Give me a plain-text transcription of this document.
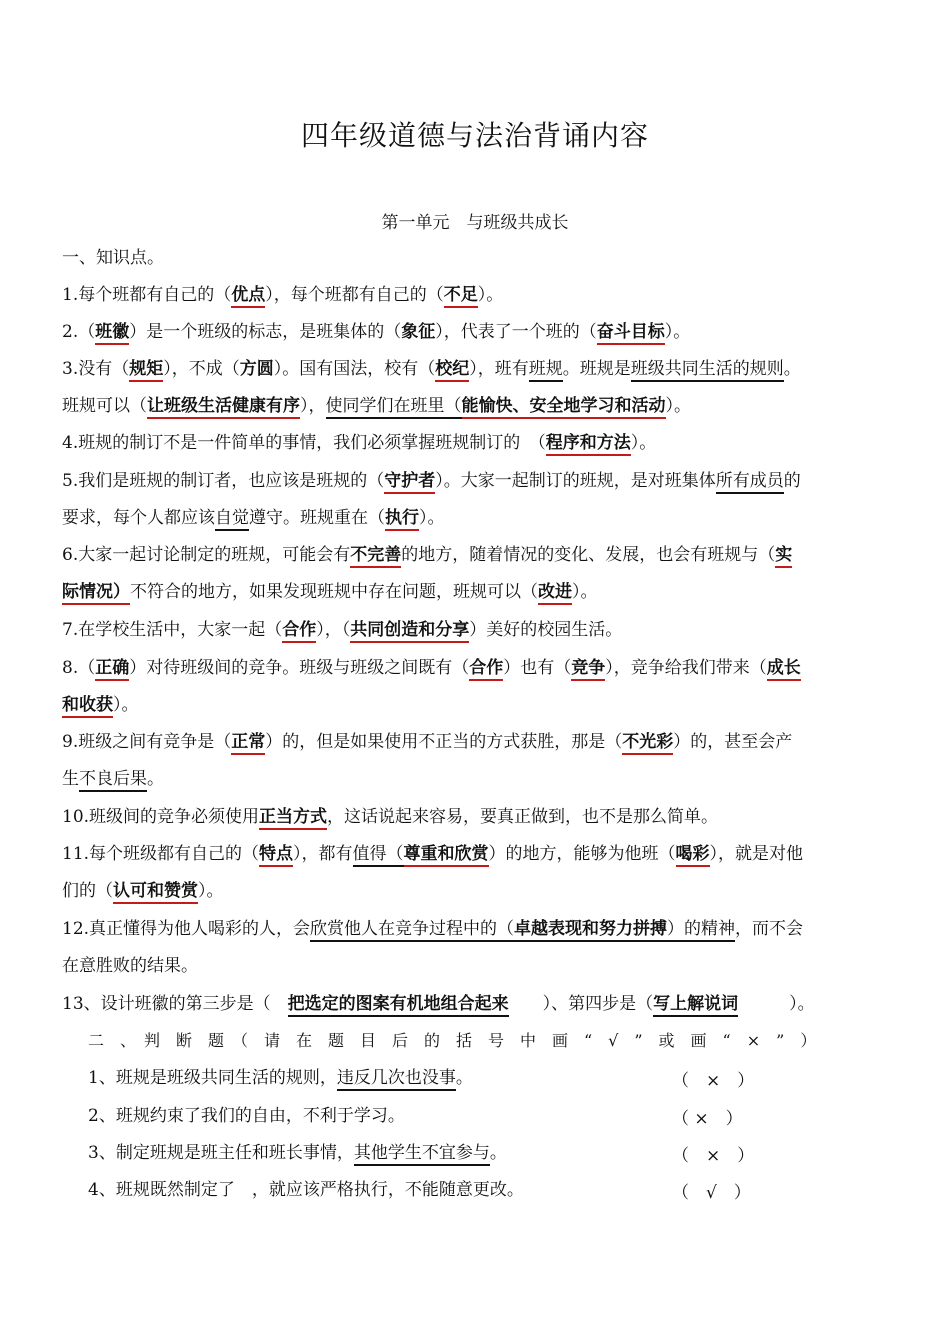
四年级道德与法治背诵内容
第一单元　与班级共成长
一、知识点。
1.每个班都有自己的（优点），每个班都有自己的（不足）。
2.（班徽）是一个班级的标志，是班集体的（象征），代表了一个班的（奋斗目标）。
3.没有（规矩），不成（方圆）。国有国法，校有（校纪），班有班规。班规是班级共同生活的规则。
班规可以（让班级生活健康有序），使同学们在班里（能愉快、安全地学习和活动）。
4.班规的制订不是一件简单的事情，我们必须掌握班规制订的　（程序和方法）。
5.我们是班规的制订者，也应该是班规的（守护者）。大家一起制订的班规，是对班集体所有成员的
要求，每个人都应该自觉遵守。班规重在（执行）。
6.大家一起讨论制定的班规，可能会有不完善的地方，随着情况的变化、发展，也会有班规与（实
际情况）不符合的地方，如果发现班规中存在问题，班规可以（改进）。
7.在学校生活中，大家一起（合作），（共同创造和分享）美好的校园生活。
8.（正确）对待班级间的竞争。班级与班级之间既有（合作）也有（竞争），竞争给我们带来（成长
和收获）。
9.班级之间有竞争是（正常）的，但是如果使用不正当的方式获胜，那是（不光彩）的，甚至会产
生不良后果。
10.班级间的竞争必须使用正当方式，这话说起来容易，要真正做到，也不是那么简单。
11.每个班级都有自己的（特点），都有值得（尊重和欣赏）的地方，能够为他班（喝彩），就是对他
们的（认可和赞赏）。
12.真正懂得为他人喝彩的人，会欣赏他人在竞争过程中的（卓越表现和努力拼搏）的精神，而不会
在意胜败的结果。
13、设计班徽的第三步是（　把选定的图案有机地组合起来　　）、第四步是（写上解说词　　　）。
二　、　判　断　题　（　请　在　题　目　后　的　括　号　中　画　“　√　”　或　画　“　×　”　）
1、班规是班级共同生活的规则，违反几次也没事。	（　×　）
2、班规约束了我们的自由，不利于学习。	（ ×　）
3、制定班规是班主任和班长事情，其他学生不宜参与。	（　×　）
4、班规既然制定了　，就应该严格执行，不能随意更改。	（　√　）
